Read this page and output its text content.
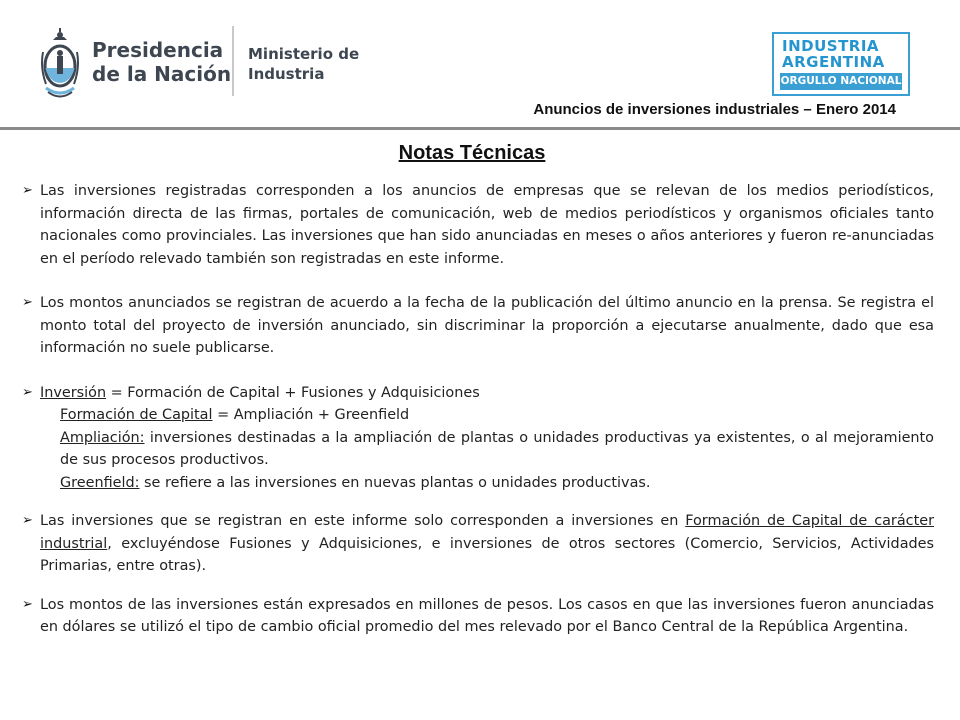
Presidencia
de la Nación
Ministerio de
Industria
INDUSTRIA
ARGENTINA
ORGULLO NACIONAL
Anuncios de inversiones industriales – Enero 2014
Notas Técnicas

➢ Las inversiones registradas corresponden a los anuncios de empresas que se relevan de los medios periodísticos, información directa de las firmas, portales de comunicación, web de medios periodísticos y organismos oficiales tanto nacionales como provinciales. Las inversiones que han sido anunciadas en meses o años anteriores y fueron re-anunciadas en el período relevado también son registradas en este informe.

➢ Los montos anunciados se registran de acuerdo a la fecha de la publicación del último anuncio en la prensa. Se registra el monto total del proyecto de inversión anunciado, sin discriminar la proporción a ejecutarse anualmente, dado que esa información no suele publicarse.

➢ Inversión = Formación de Capital + Fusiones y Adquisiciones

Formación de Capital = Ampliación + Greenfield

Ampliación: inversiones destinadas a la ampliación de plantas o unidades productivas ya existentes, o al mejoramiento de sus procesos productivos.

Greenfield: se refiere a las inversiones en nuevas plantas o unidades productivas.

➢ Las inversiones que se registran en este informe solo corresponden a inversiones en Formación de Capital de carácter industrial, excluyéndose Fusiones y Adquisiciones, e inversiones de otros sectores (Comercio, Servicios, Actividades Primarias, entre otras).

➢ Los montos de las inversiones están expresados en millones de pesos. Los casos en que las inversiones fueron anunciadas en dólares se utilizó el tipo de cambio oficial promedio del mes relevado por el Banco Central de la República Argentina.
